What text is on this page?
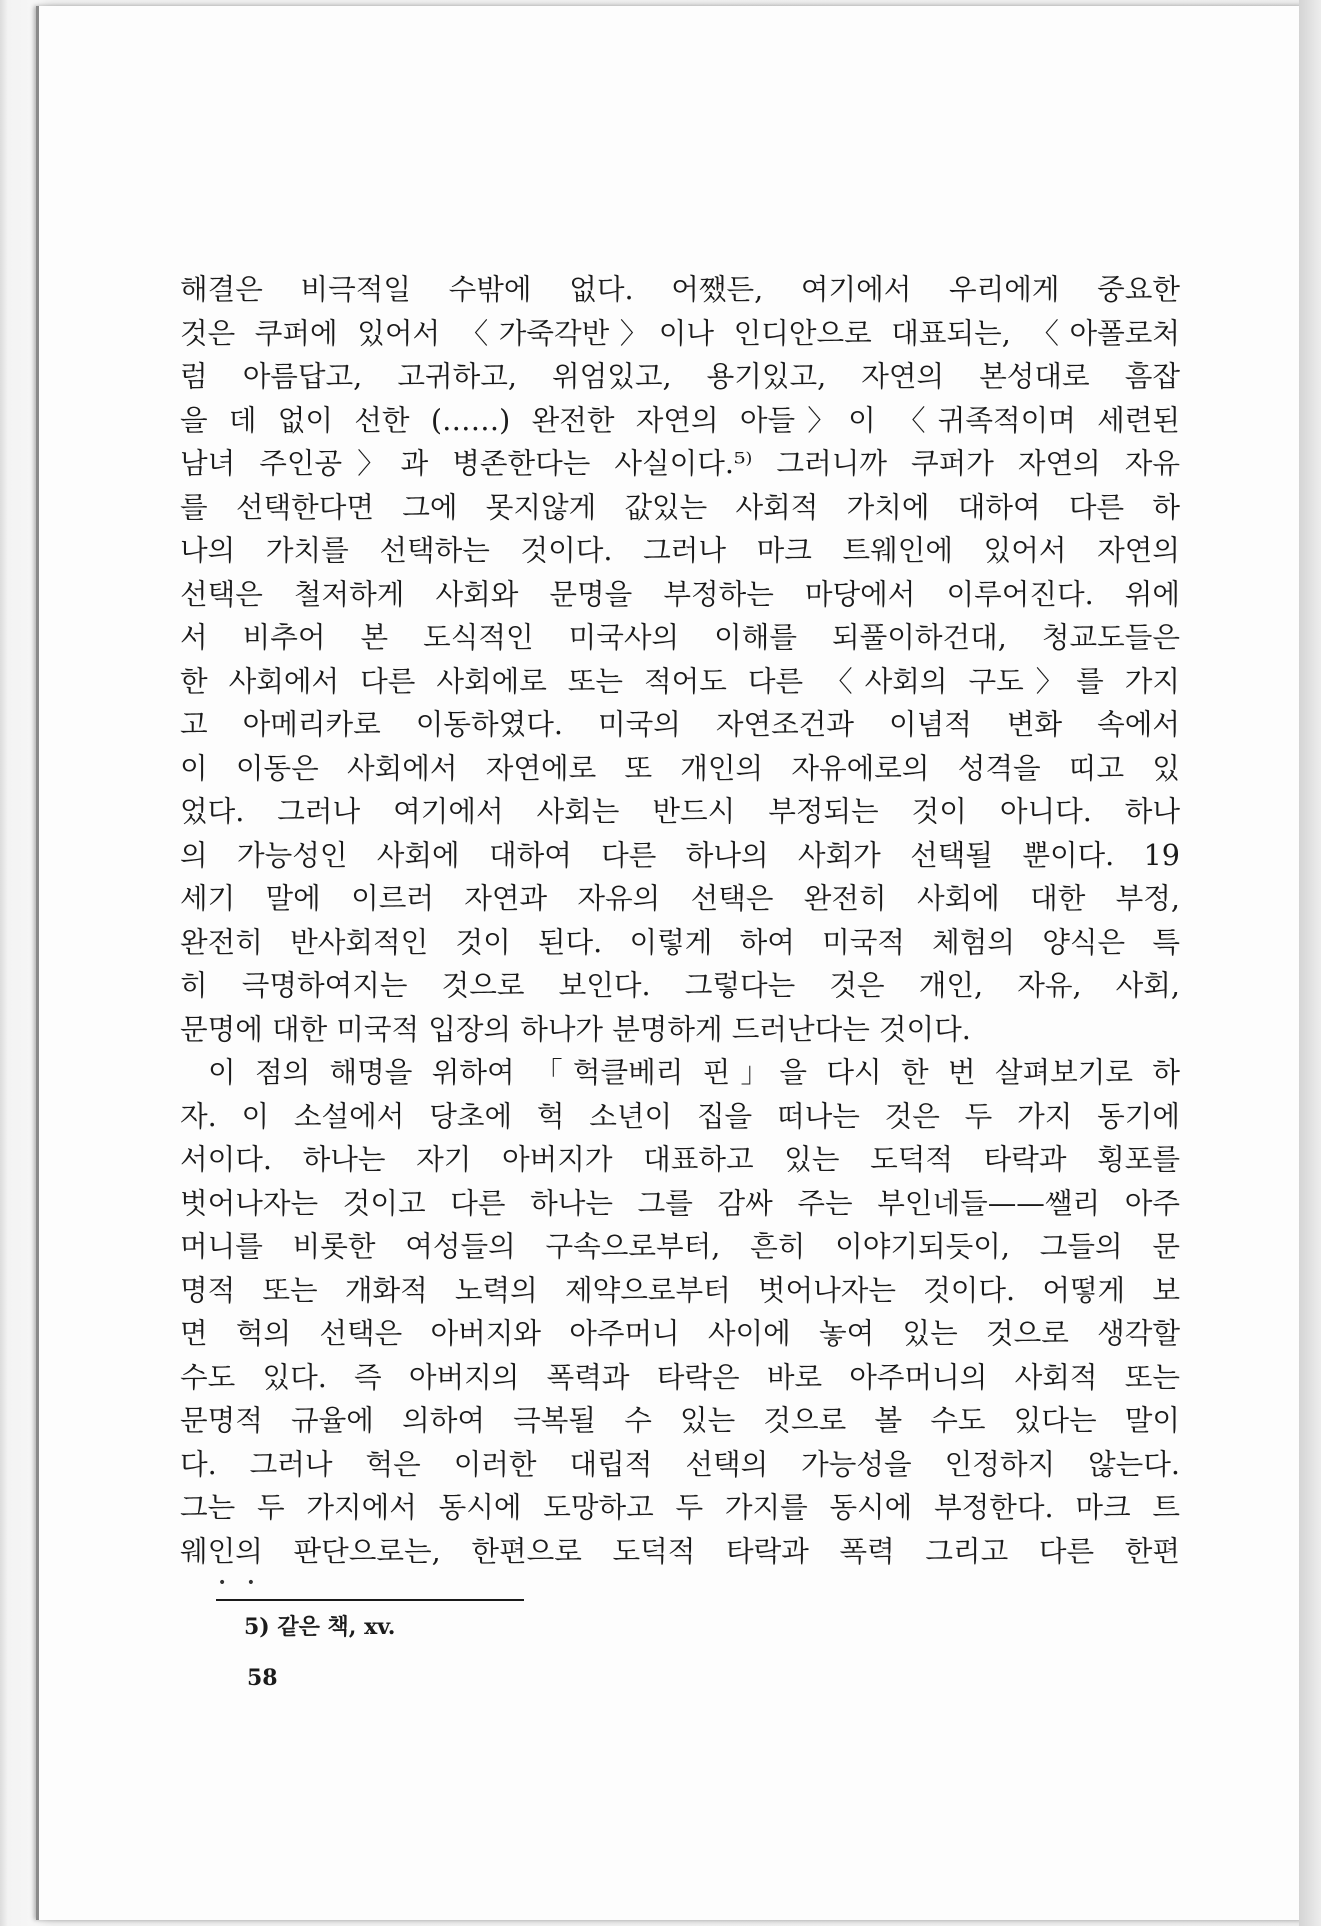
해결은 비극적일 수밖에 없다. 어쨌든, 여기에서 우리에게 중요한
것은 쿠퍼에 있어서 〈가죽각반〉이나 인디안으로 대표되는, 〈아폴로처
럼 아름답고, 고귀하고, 위엄있고, 용기있고, 자연의 본성대로 흠잡
을 데 없이 선한 (……) 완전한 자연의 아들〉이 〈귀족적이며 세련된
남녀 주인공〉과 병존한다는 사실이다.⁵⁾ 그러니까 쿠퍼가 자연의 자유
를 선택한다면 그에 못지않게 값있는 사회적 가치에 대하여 다른 하
나의 가치를 선택하는 것이다. 그러나 마크 트웨인에 있어서 자연의
선택은 철저하게 사회와 문명을 부정하는 마당에서 이루어진다. 위에
서 비추어 본 도식적인 미국사의 이해를 되풀이하건대, 청교도들은
한 사회에서 다른 사회에로 또는 적어도 다른 〈사회의 구도〉를 가지
고 아메리카로 이동하였다. 미국의 자연조건과 이념적 변화 속에서
이 이동은 사회에서 자연에로 또 개인의 자유에로의 성격을 띠고 있
었다. 그러나 여기에서 사회는 반드시 부정되는 것이 아니다. 하나
의 가능성인 사회에 대하여 다른 하나의 사회가 선택될 뿐이다. 19
세기 말에 이르러 자연과 자유의 선택은 완전히 사회에 대한 부정,
완전히 반사회적인 것이 된다. 이렇게 하여 미국적 체험의 양식은 특
히 극명하여지는 것으로 보인다. 그렇다는 것은 개인, 자유, 사회,
문명에 대한 미국적 입장의 하나가 분명하게 드러난다는 것이다.
이 점의 해명을 위하여 「헉클베리 핀」을 다시 한 번 살펴보기로 하
자. 이 소설에서 당초에 헉 소년이 집을 떠나는 것은 두 가지 동기에
서이다. 하나는 자기 아버지가 대표하고 있는 도덕적 타락과 횡포를
벗어나자는 것이고 다른 하나는 그를 감싸 주는 부인네들——쌜리 아주
머니를 비롯한 여성들의 구속으로부터, 흔히 이야기되듯이, 그들의 문
명적 또는 개화적 노력의 제약으로부터 벗어나자는 것이다. 어떻게 보
면 헉의 선택은 아버지와 아주머니 사이에 놓여 있는 것으로 생각할
수도 있다. 즉 아버지의 폭력과 타락은 바로 아주머니의 사회적 또는
문명적 규율에 의하여 극복될 수 있는 것으로 볼 수도 있다는 말이
다. 그러나 헉은 이러한 대립적 선택의 가능성을 인정하지 않는다.
그는 두 가지에서 동시에 도망하고 두 가지를 동시에 부정한다. 마크 트
웨인의 판단으로는, 한편으로 도덕적 타락과 폭력 그리고 다른 한편
• •
5) 같은 책, xv.
58
